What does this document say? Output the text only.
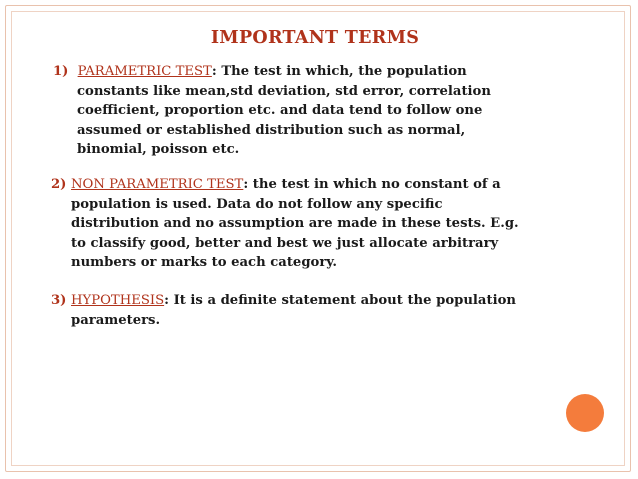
IMPORTANT TERMS
1) PARAMETRIC TEST: The test in which, the population
constants like mean,std deviation, std error, correlation
coefficient, proportion etc. and data tend to follow one
assumed or established distribution such as normal,
binomial, poisson etc.
2) NON PARAMETRIC TEST: the test in which no constant of a
population is used. Data do not follow any specific
distribution and no assumption are made in these tests. E.g.
to classify good, better and best we just allocate arbitrary
numbers or marks to each category.
3) HYPOTHESIS: It is a definite statement about the population
parameters.
